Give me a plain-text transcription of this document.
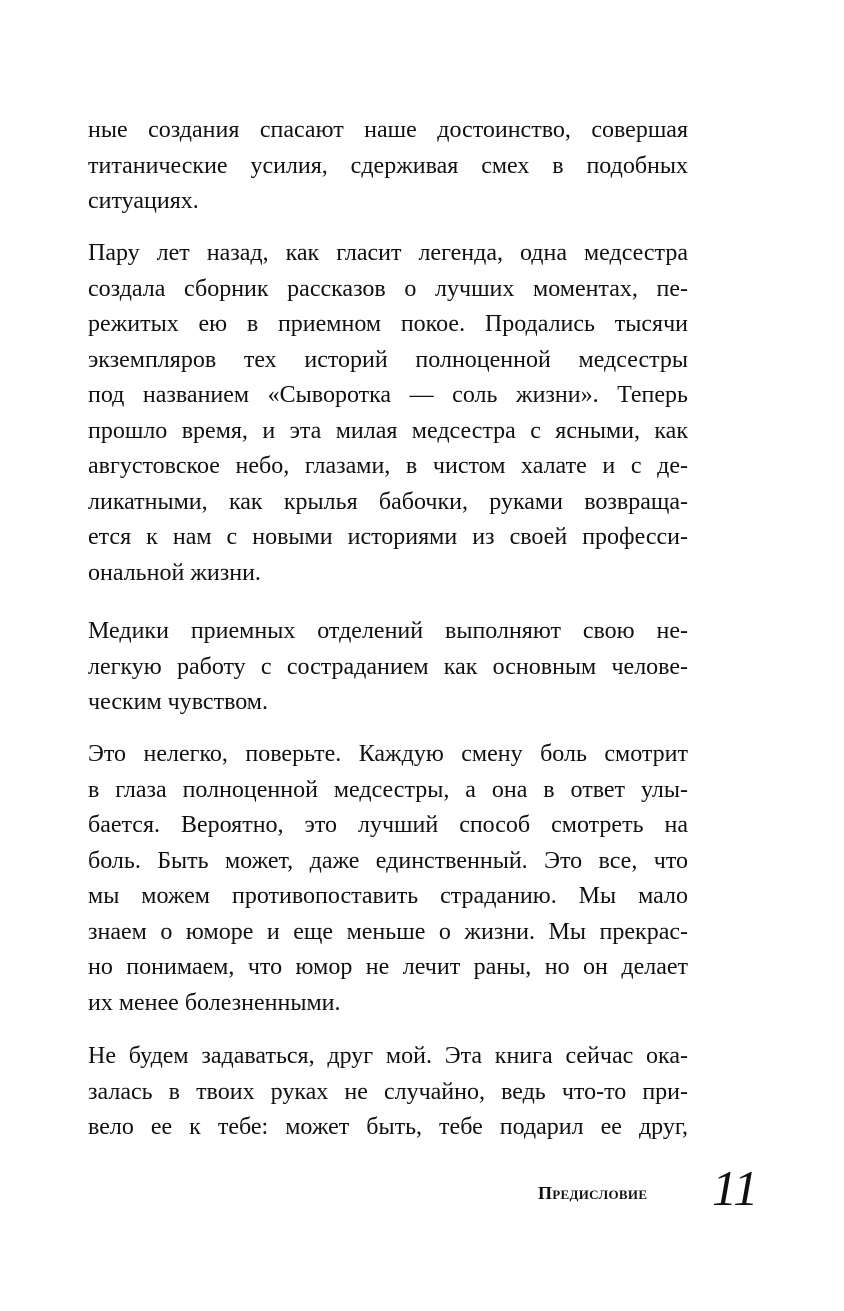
ные создания спасают наше достоинство, совершая
титанические усилия, сдерживая смех в подобных
ситуациях.
Пару лет назад, как гласит легенда, одна медсестра
создала сборник рассказов о лучших моментах, пе-
режитых ею в приемном покое. Продались тысячи
экземпляров тех историй полноценной медсестры
под названием «Сыворотка — соль жизни». Теперь
прошло время, и эта милая медсестра с ясными, как
августовское небо, глазами, в чистом халате и с де-
ликатными, как крылья бабочки, руками возвраща-
ется к нам с новыми историями из своей професси-
ональной жизни.
Медики приемных отделений выполняют свою не-
легкую работу с состраданием как основным челове-
ческим чувством.
Это нелегко, поверьте. Каждую смену боль смотрит
в глаза полноценной медсестры, а она в ответ улы-
бается. Вероятно, это лучший способ смотреть на
боль. Быть может, даже единственный. Это все, что
мы можем противопоставить страданию. Мы мало
знаем о юморе и еще меньше о жизни. Мы прекрас-
но понимаем, что юмор не лечит раны, но он делает
их менее болезненными.
Не будем задаваться, друг мой. Эта книга сейчас ока-
залась в твоих руках не случайно, ведь что-то при-
вело ее к тебе: может быть, тебе подарил ее друг,
Предисловие 11
